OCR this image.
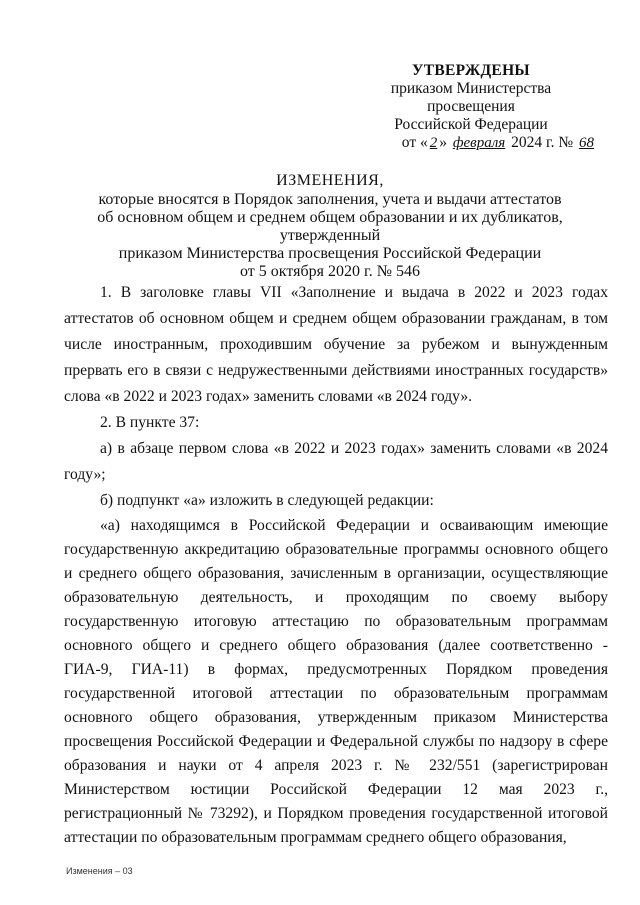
УТВЕРЖДЕНЫ
приказом Министерства просвещения
Российской Федерации
от « 2 » февраля 2024 г. № 68
ИЗМЕНЕНИЯ,
которые вносятся в Порядок заполнения, учета и выдачи аттестатов
об основном общем и среднем общем образовании и их дубликатов, утвержденный
приказом Министерства просвещения Российской Федерации
от 5 октября 2020 г. № 546

1. В заголовке главы VII «Заполнение и выдача в 2022 и 2023 годах аттестатов об основном общем и среднем общем образовании гражданам, в том числе иностранным, проходившим обучение за рубежом и вынужденным прервать его в связи с недружественными действиями иностранных государств» слова «в 2022 и 2023 годах» заменить словами «в 2024 году».

2. В пункте 37:

а) в абзаце первом слова «в 2022 и 2023 годах» заменить словами «в 2024 году»;

б) подпункт «а» изложить в следующей редакции:

«а) находящимся в Российской Федерации и осваивающим имеющие государственную аккредитацию образовательные программы основного общего и среднего общего образования, зачисленным в организации, осуществляющие образовательную деятельность, и проходящим по своему выбору государственную итоговую аттестацию по образовательным программам основного общего и среднего общего образования (далее соответственно - ГИА-9, ГИА-11) в формах, предусмотренных Порядком проведения государственной итоговой аттестации по образовательным программам основного общего образования, утвержденным приказом Министерства просвещения Российской Федерации и Федеральной службы по надзору в сфере образования и науки от 4 апреля 2023 г. № 232/551 (зарегистрирован Министерством юстиции Российской Федерации 12 мая 2023 г., регистрационный № 73292), и Порядком проведения государственной итоговой аттестации по образовательным программам среднего общего образования,

Изменения – 03
